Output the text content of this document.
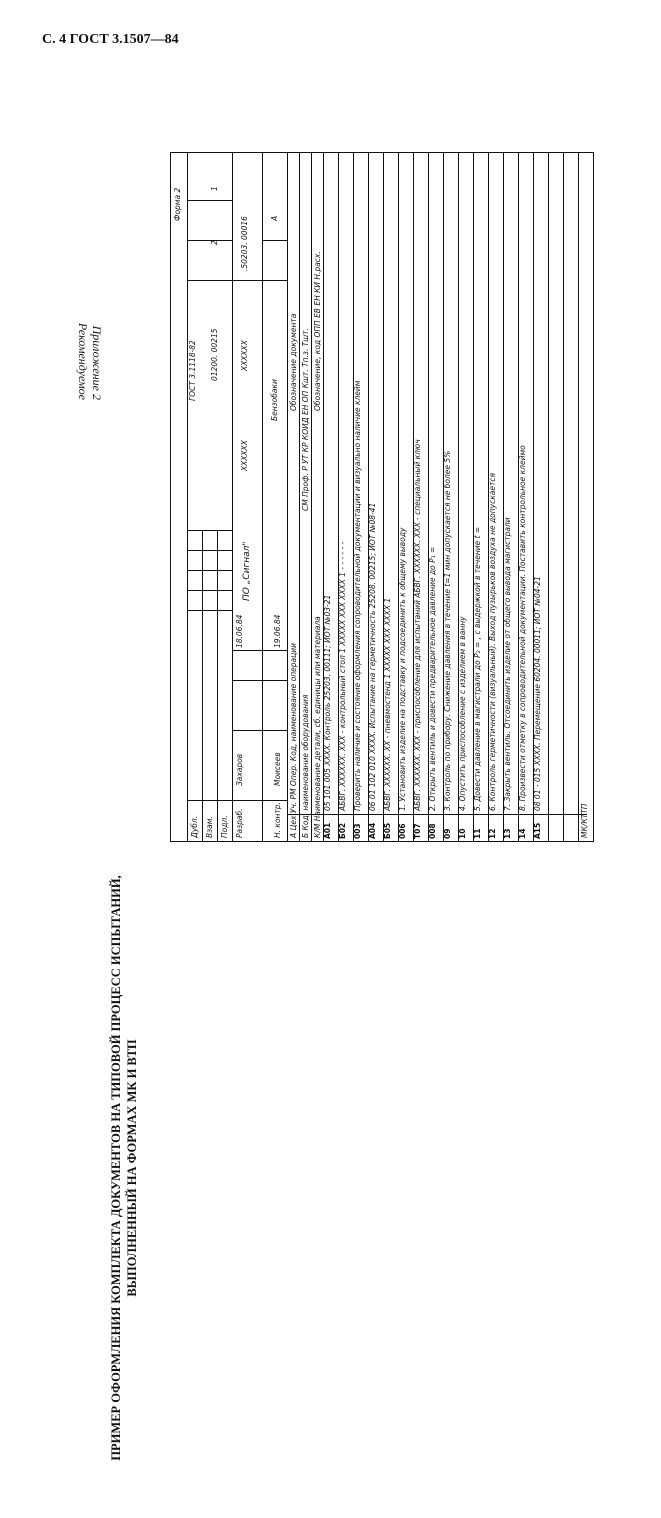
С. 4 ГОСТ 3.1507—84
Приложение 2
Рекомендуемое
ПРИМЕР ОФОРМЛЕНИЯ КОМПЛЕКТА ДОКУМЕНТОВ НА ТИПОВОЙ ПРОЦЕСС ИСПЫТАНИЙ, ВЫПОЛНЕННЫЙ НА ФОРМАХ МК И ВТП
Форма 2
ГОСТ 3.1118-82
Дубл. Взам. Подл.
01200. 00215	XXXXXX
2
1
.50203. 00016	A
Бензобаки
XXXXXX
ПО „Сигнал"
Разраб.
Захаров
18.06.84
Н. контр.
Моисеев
19.06.84
А Цех Уч. РМ Опер. Код, наименование операции
Обозначение документа
Б Код, наименование оборудования
СМ Проф. Р УТ КР КОИД ЕН ОП Кшт. Тп.з. Тшт.
К/М Наименование детали, сб. единицы или материала
Обозначение, код ОПП ЕВ ЕН КИ Н.расх.
А01
05 101 005 XXXX. Контроль 25203. 00111; ИОТ №03-21
Б02
АБВГ. XXXXXX. XXX - контрольный стол 1 XXXXX XXX XXXX 1 - - - - - -
003
Проверить наличие и состояние оформления сопроводительной документации и визуально наличие клейм
А04
06 01 102 010 XXXX. Испытание на герметичность 25208. 00215; ИОТ №08-41
Б05
АБВГ. XXXXXX. XX - пневмостенд 1 XXXXX XXX XXXX 1
006
1. Установить изделие на подставку и подсоединить к общему выводу
Т07
АБВГ. XXXXXX. XXX - приспособление для испытаний АБВГ. XXXXXX. XXX - специальный ключ
008
2. Открыть вентиль и довести предварительное давление до P₁ =
09
3. Контроль по прибору. Снижение давления в течение t=1 мин допускается не более 5%
10
4. Опустить приспособление с изделием в ванну
11
5. Довести давление в магистрали до P₂ = , с выдержкой в течение t =
12
6. Контроль герметичности (визуальный). Выход пузырьков воздуха не допускается
13
7. Закрыть вентиль. Отсоединить изделие от общего вывода магистрали
14
8. Произвести отметку в сопроводительной документации. Поставить контрольное клеймо
А15
08 01 - 015 XXXX. Перемещение 60204. 00011; ИОТ №04-21
МК/КТТП
